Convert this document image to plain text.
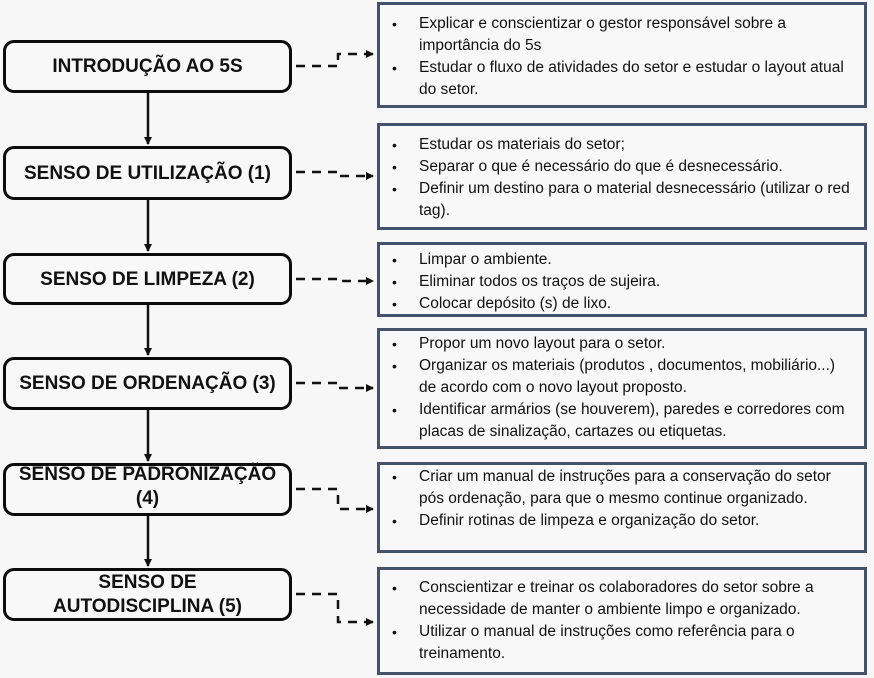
INTRODUÇÃO AO 5S
SENSO DE UTILIZAÇÃO (1)
SENSO DE LIMPEZA (2)
SENSO DE ORDENAÇÃO (3)
SENSO DE PADRONIZAÇÃO (4)
SENSO DE AUTODISCIPLINA (5)
• Explicar e conscientizar o gestor responsável sobre a importância do 5s
• Estudar o fluxo de atividades do setor e estudar o layout atual do setor.
• Estudar os materiais do setor;
• Separar o que é necessário do que é desnecessário.
• Definir um destino para o material desnecessário (utilizar o red tag).
• Limpar o ambiente.
• Eliminar todos os traços de sujeira.
• Colocar depósito (s) de lixo.
• Propor um novo layout para o setor.
• Organizar os materiais (produtos , documentos, mobiliário...) de acordo com o novo layout proposto.
• Identificar armários (se houverem), paredes e corredores com placas de sinalização, cartazes ou etiquetas.
• Criar um manual de instruções para a conservação do setor pós ordenação, para que o mesmo continue organizado.
• Definir rotinas de limpeza e organização do setor.
• Conscientizar e treinar os colaboradores do setor sobre a necessidade de manter o ambiente limpo e organizado.
• Utilizar o manual de instruções como referência para o treinamento.
